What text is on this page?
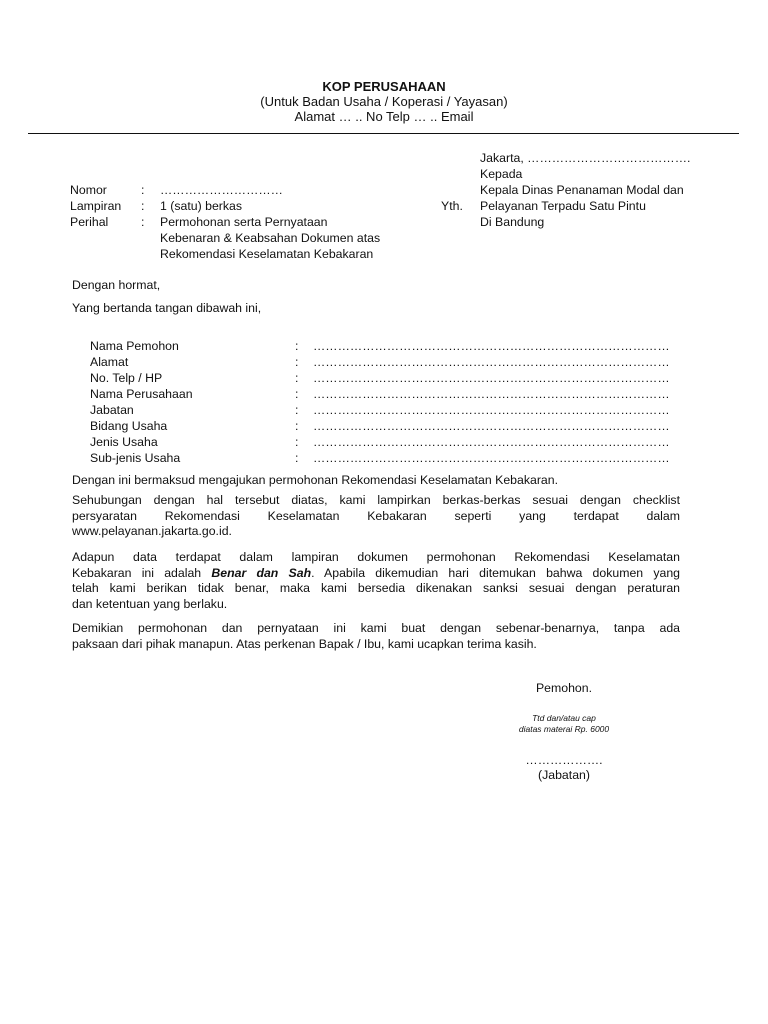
KOP PERUSAHAAN
(Untuk Badan Usaha / Koperasi / Yayasan)
Alamat … .. No Telp … .. Email
Jakarta, ………………………………….
Kepada
Kepala Dinas Penanaman Modal dan
Yth. Pelayanan Terpadu Satu Pintu
Di Bandung
Nomor	: …………………………
Lampiran : 1 (satu) berkas
Perihal	: Permohonan serta Pernyataan
Kebenaran & Keabsahan Dokumen atas
Rekomendasi Keselamatan Kebakaran
Dengan hormat,
Yang bertanda tangan dibawah ini,
Nama Pemohon	: ……………………………………………………………………………
Alamat	: ……………………………………………………………………………
No. Telp / HP	: ……………………………………………………………………………
Nama Perusahaan	: ……………………………………………………………………………
Jabatan	: ……………………………………………………………………………
Bidang Usaha	: ……………………………………………………………………………
Jenis Usaha	: ……………………………………………………………………………
Sub-jenis Usaha	: ……………………………………………………………………………
Dengan ini bermaksud mengajukan permohonan Rekomendasi Keselamatan Kebakaran.
Sehubungan dengan hal tersebut diatas, kami lampirkan berkas-berkas sesuai dengan checklist
persyaratan Rekomendasi Keselamatan Kebakaran seperti yang terdapat dalam
www.pelayanan.jakarta.go.id.
Adapun data terdapat dalam lampiran dokumen permohonan Rekomendasi Keselamatan
Kebakaran ini adalah Benar dan Sah. Apabila dikemudian hari ditemukan bahwa dokumen yang
telah kami berikan tidak benar, maka kami bersedia dikenakan sanksi sesuai dengan peraturan
dan ketentuan yang berlaku.
Demikian permohonan dan pernyataan ini kami buat dengan sebenar-benarnya, tanpa ada
paksaan dari pihak manapun. Atas perkenan Bapak / Ibu, kami ucapkan terima kasih.
Pemohon.
Ttd dan/atau cap
diatas materai Rp. 6000
……………….
(Jabatan)
